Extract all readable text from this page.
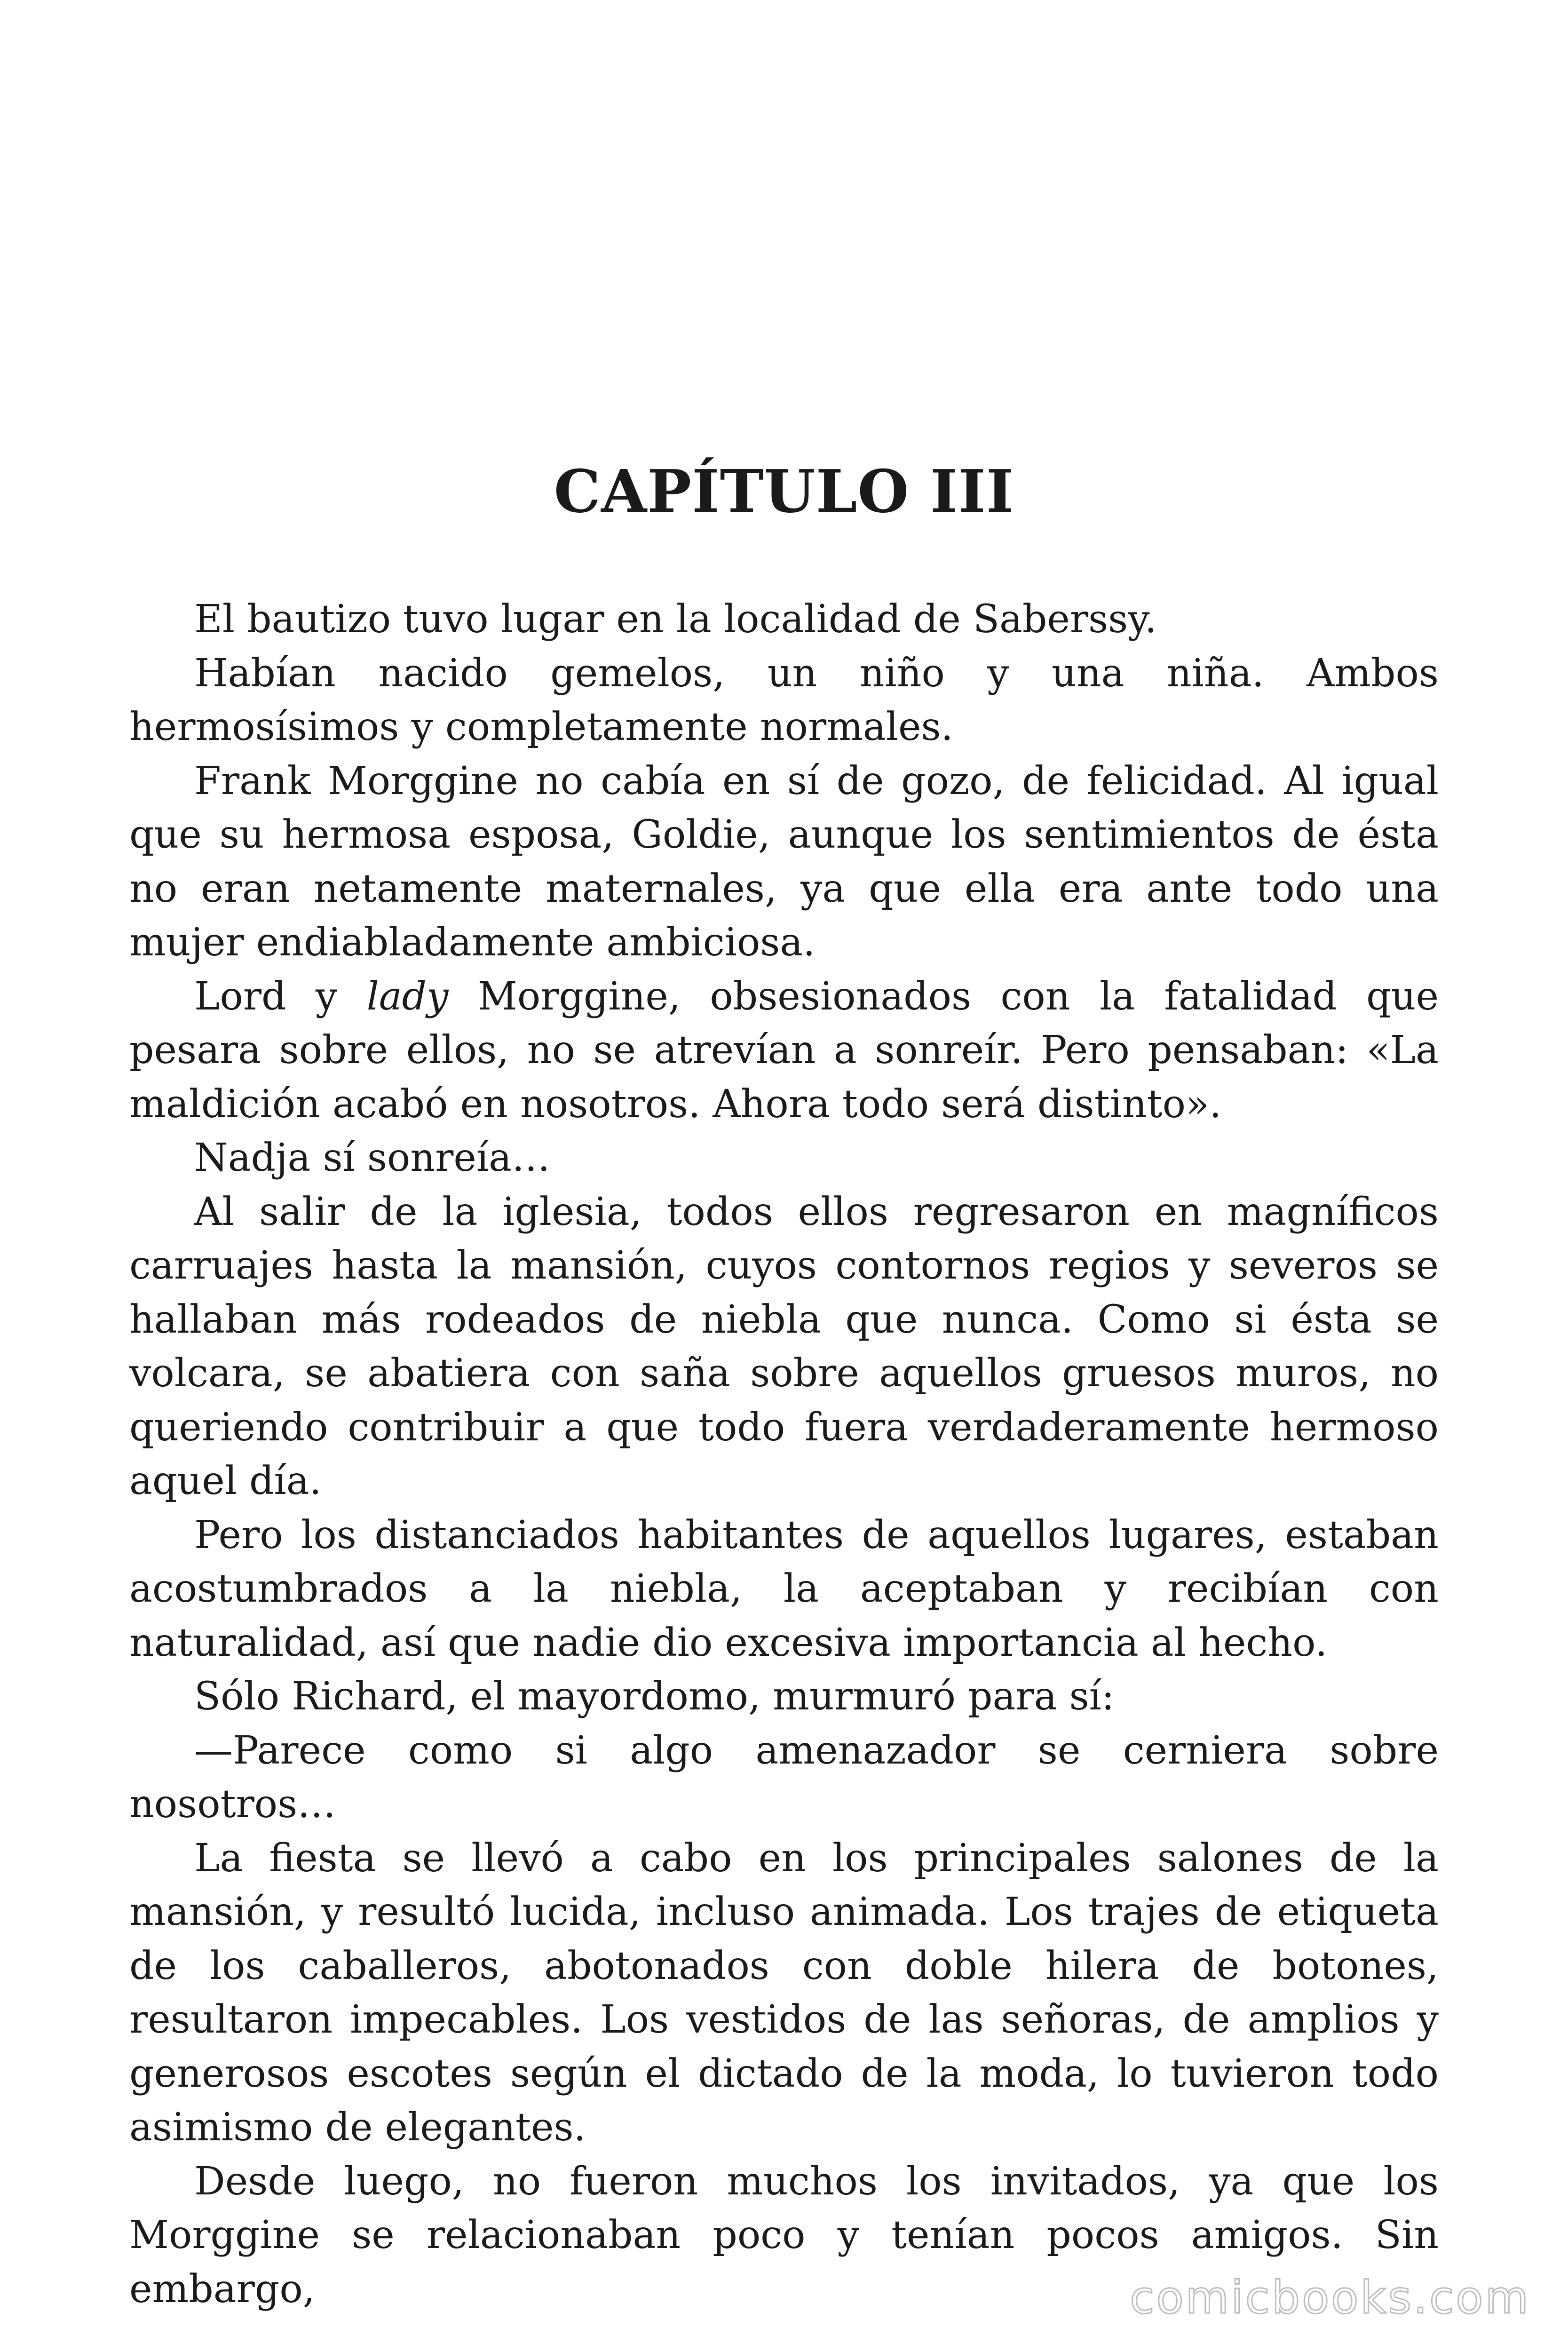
CAPÍTULO III

El bautizo tuvo lugar en la localidad de Saberssy.

Habían nacido gemelos, un niño y una niña. Ambos hermosísimos y completamente normales.

Frank Morggine no cabía en sí de gozo, de felicidad. Al igual que su hermosa esposa, Goldie, aunque los sentimientos de ésta no eran netamente maternales, ya que ella era ante todo una mujer endiabladamente ambiciosa.

Lord y lady Morggine, obsesionados con la fatalidad que pesara sobre ellos, no se atrevían a sonreír. Pero pensaban: «La maldición acabó en nosotros. Ahora todo será distinto».

Nadja sí sonreía…

Al salir de la iglesia, todos ellos regresaron en magníficos carruajes hasta la mansión, cuyos contornos regios y severos se hallaban más rodeados de niebla que nunca. Como si ésta se volcara, se abatiera con saña sobre aquellos gruesos muros, no queriendo contribuir a que todo fuera verdaderamente hermoso aquel día.

Pero los distanciados habitantes de aquellos lugares, estaban acostumbrados a la niebla, la aceptaban y recibían con naturalidad, así que nadie dio excesiva importancia al hecho.

Sólo Richard, el mayordomo, murmuró para sí:

—Parece como si algo amenazador se cerniera sobre nosotros…

La fiesta se llevó a cabo en los principales salones de la mansión, y resultó lucida, incluso animada. Los trajes de etiqueta de los caballeros, abotonados con doble hilera de botones, resultaron impecables. Los vestidos de las señoras, de amplios y generosos escotes según el dictado de la moda, lo tuvieron todo asimismo de elegantes.

Desde luego, no fueron muchos los invitados, ya que los Morggine se relacionaban poco y tenían pocos amigos. Sin embargo,	comicbooks.com
